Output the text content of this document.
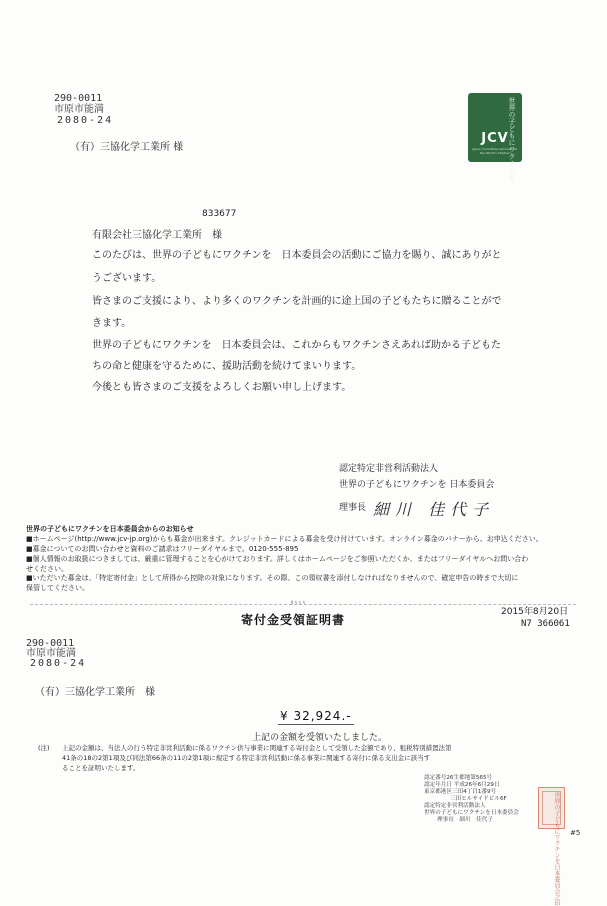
290-0011
市原市能満
2080-24
（有）三協化学工業所 様	世界の子どもにワクチンを
JCV
Japan Committee Vaccines for the World's Children
833677
有限会社三協化学工業所　様
このたびは、世界の子どもにワクチンを　日本委員会の活動にご協力を賜り、誠にありがと
うございます。
皆さまのご支援により、より多くのワクチンを計画的に途上国の子どもたちに贈ることがで
きます。
世界の子どもにワクチンを　日本委員会は、これからもワクチンさえあれば助かる子どもた
ちの命と健康を守るために、援助活動を続けてまいります。
今後とも皆さまのご支援をよろしくお願い申し上げます。
認定特定非営利活動法人
世界の子どもにワクチンを 日本委員会
理事長 細川 佳代子
世界の子どもにワクチンを日本委員会からのお知らせ
■ホームページ(http://www.jcv-jp.org)からも募金が出来ます。クレジットカードによる募金を受け付けています。オンライン募金のバナーから、お申込ください。
■募金についてのお問い合わせと資料のご請求はフリーダイヤルまで。0120-555-895
■個人情報のお取扱につきましては、厳重に管理することを心がけております。詳しくはホームページをご参照いただくか、またはフリーダイヤルへお問い合わ
せください。
■いただいた募金は、「特定寄付金」として所得から控除の対象になります。その際、この領収書を添付しなければなりませんので、確定申告の時まで大切に
保管してください。
きりとり
寄付金受領証明書
2015年8月20日
N7 366061
290-0011
市原市能満
2080-24
（有）三協化学工業所　様
¥ 32,924.-
上記の金額を受領いたしました。
(注) 上記の金額は、当法人の行う特定非営利活動に係るワクチン供与事業に関連する寄付金として受領した金額であり、租税特別措置法第
41条の18の2第1項及び同法第66条の11の2第1項に規定する特定非営利活動に係る事業に関連する寄付に係る支出金に該当す
ることを証明いたします。
認定番号26生都地第565号
認定年月日 平成26年6月29日
東京都港区三田4丁目1番9号
三田ヒルサイドビル6F
認定特定非営利活動法人
世界の子どもにワクチンを日本委員会
理事長　細川　佳代子	世界の子どもにワクチンを日本委員会之印 #5
